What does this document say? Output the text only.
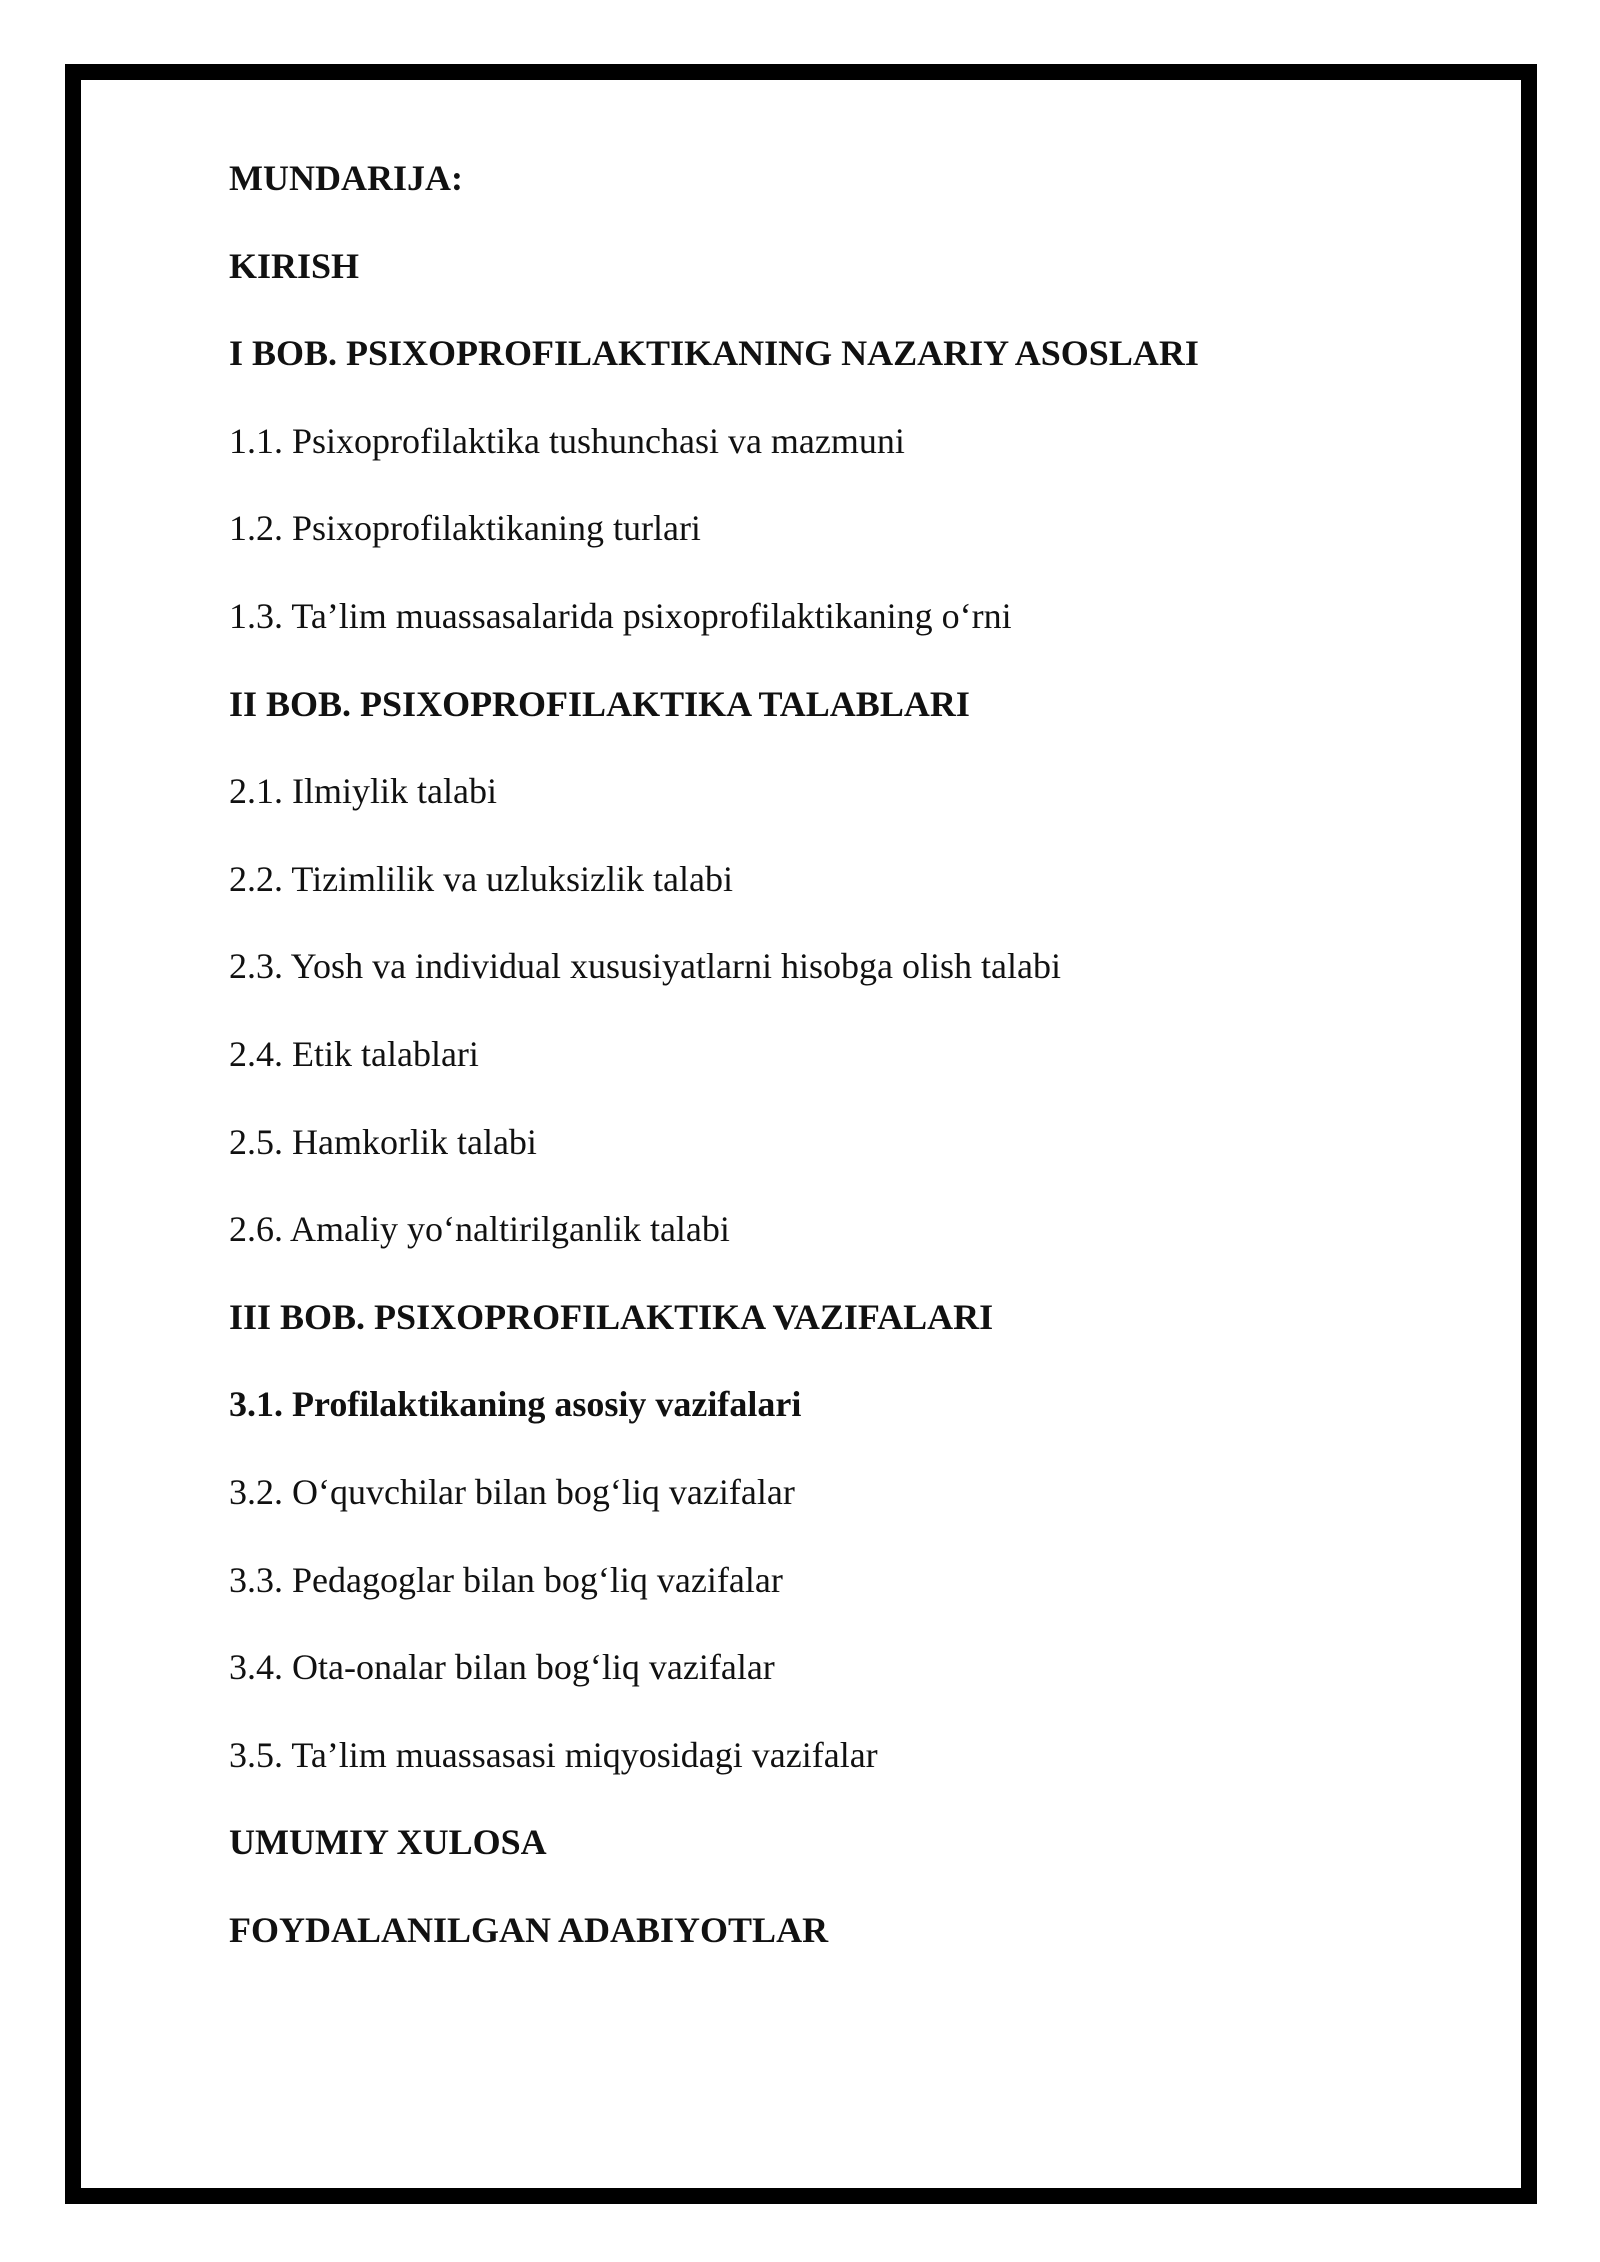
MUNDARIJA:
KIRISH
I BOB. PSIXOPROFILAKTIKANING NAZARIY ASOSLARI
1.1. Psixoprofilaktika tushunchasi va mazmuni
1.2. Psixoprofilaktikaning turlari
1.3. Ta’lim muassasalarida psixoprofilaktikaning o‘rni
II BOB. PSIXOPROFILAKTIKA TALABLARI
2.1. Ilmiylik talabi
2.2. Tizimlilik va uzluksizlik talabi
2.3. Yosh va individual xususiyatlarni hisobga olish talabi
2.4. Etik talablari
2.5. Hamkorlik talabi
2.6. Amaliy yo‘naltirilganlik talabi
III BOB. PSIXOPROFILAKTIKA VAZIFALARI
3.1. Profilaktikaning asosiy vazifalari
3.2. O‘quvchilar bilan bog‘liq vazifalar
3.3. Pedagoglar bilan bog‘liq vazifalar
3.4. Ota-onalar bilan bog‘liq vazifalar
3.5. Ta’lim muassasasi miqyosidagi vazifalar
UMUMIY XULOSA
FOYDALANILGAN ADABIYOTLAR
